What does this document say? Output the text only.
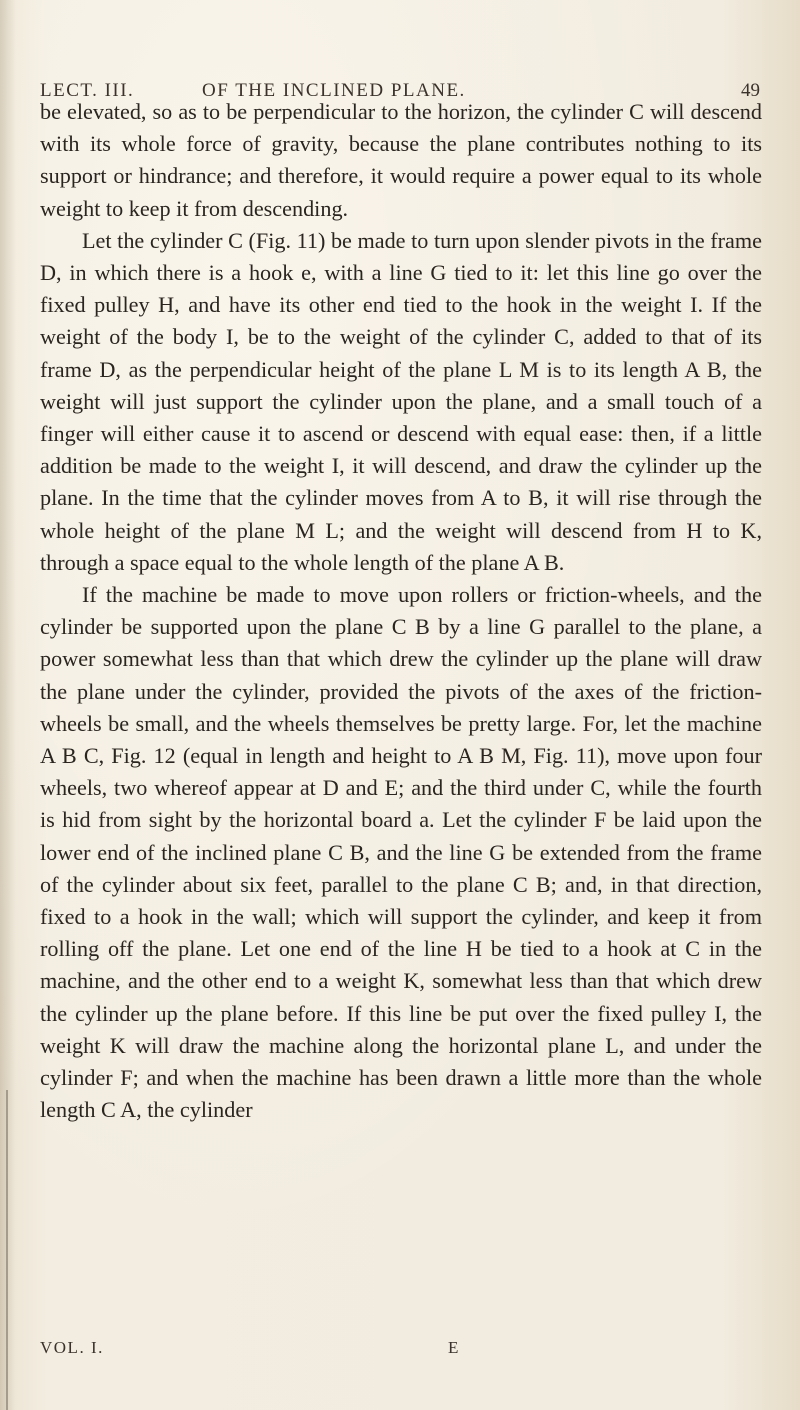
LECT. III.	OF THE INCLINED PLANE.	49

be elevated, so as to be perpendicular to the horizon, the cylinder C will descend with its whole force of gravity, because the plane contributes nothing to its support or hindrance; and therefore, it would require a power equal to its whole weight to keep it from descending.

Let the cylinder C (Fig. 11) be made to turn upon slender pivots in the frame D, in which there is a hook e, with a line G tied to it: let this line go over the fixed pulley H, and have its other end tied to the hook in the weight I. If the weight of the body I, be to the weight of the cylinder C, added to that of its frame D, as the perpendicular height of the plane L M is to its length A B, the weight will just support the cylinder upon the plane, and a small touch of a finger will either cause it to ascend or descend with equal ease: then, if a little addition be made to the weight I, it will descend, and draw the cylinder up the plane. In the time that the cylinder moves from A to B, it will rise through the whole height of the plane M L; and the weight will descend from H to K, through a space equal to the whole length of the plane A B.

If the machine be made to move upon rollers or friction-wheels, and the cylinder be supported upon the plane C B by a line G parallel to the plane, a power somewhat less than that which drew the cylinder up the plane will draw the plane under the cylinder, provided the pivots of the axes of the friction-wheels be small, and the wheels themselves be pretty large. For, let the machine A B C, Fig. 12 (equal in length and height to A B M, Fig. 11), move upon four wheels, two whereof appear at D and E; and the third under C, while the fourth is hid from sight by the horizontal board a. Let the cylinder F be laid upon the lower end of the inclined plane C B, and the line G be extended from the frame of the cylinder about six feet, parallel to the plane C B; and, in that direction, fixed to a hook in the wall; which will support the cylinder, and keep it from rolling off the plane. Let one end of the line H be tied to a hook at C in the machine, and the other end to a weight K, somewhat less than that which drew the cylinder up the plane before. If this line be put over the fixed pulley I, the weight K will draw the machine along the horizontal plane L, and under the cylinder F; and when the machine has been drawn a little more than the whole length C A, the cylinder

VOL. I.	E
